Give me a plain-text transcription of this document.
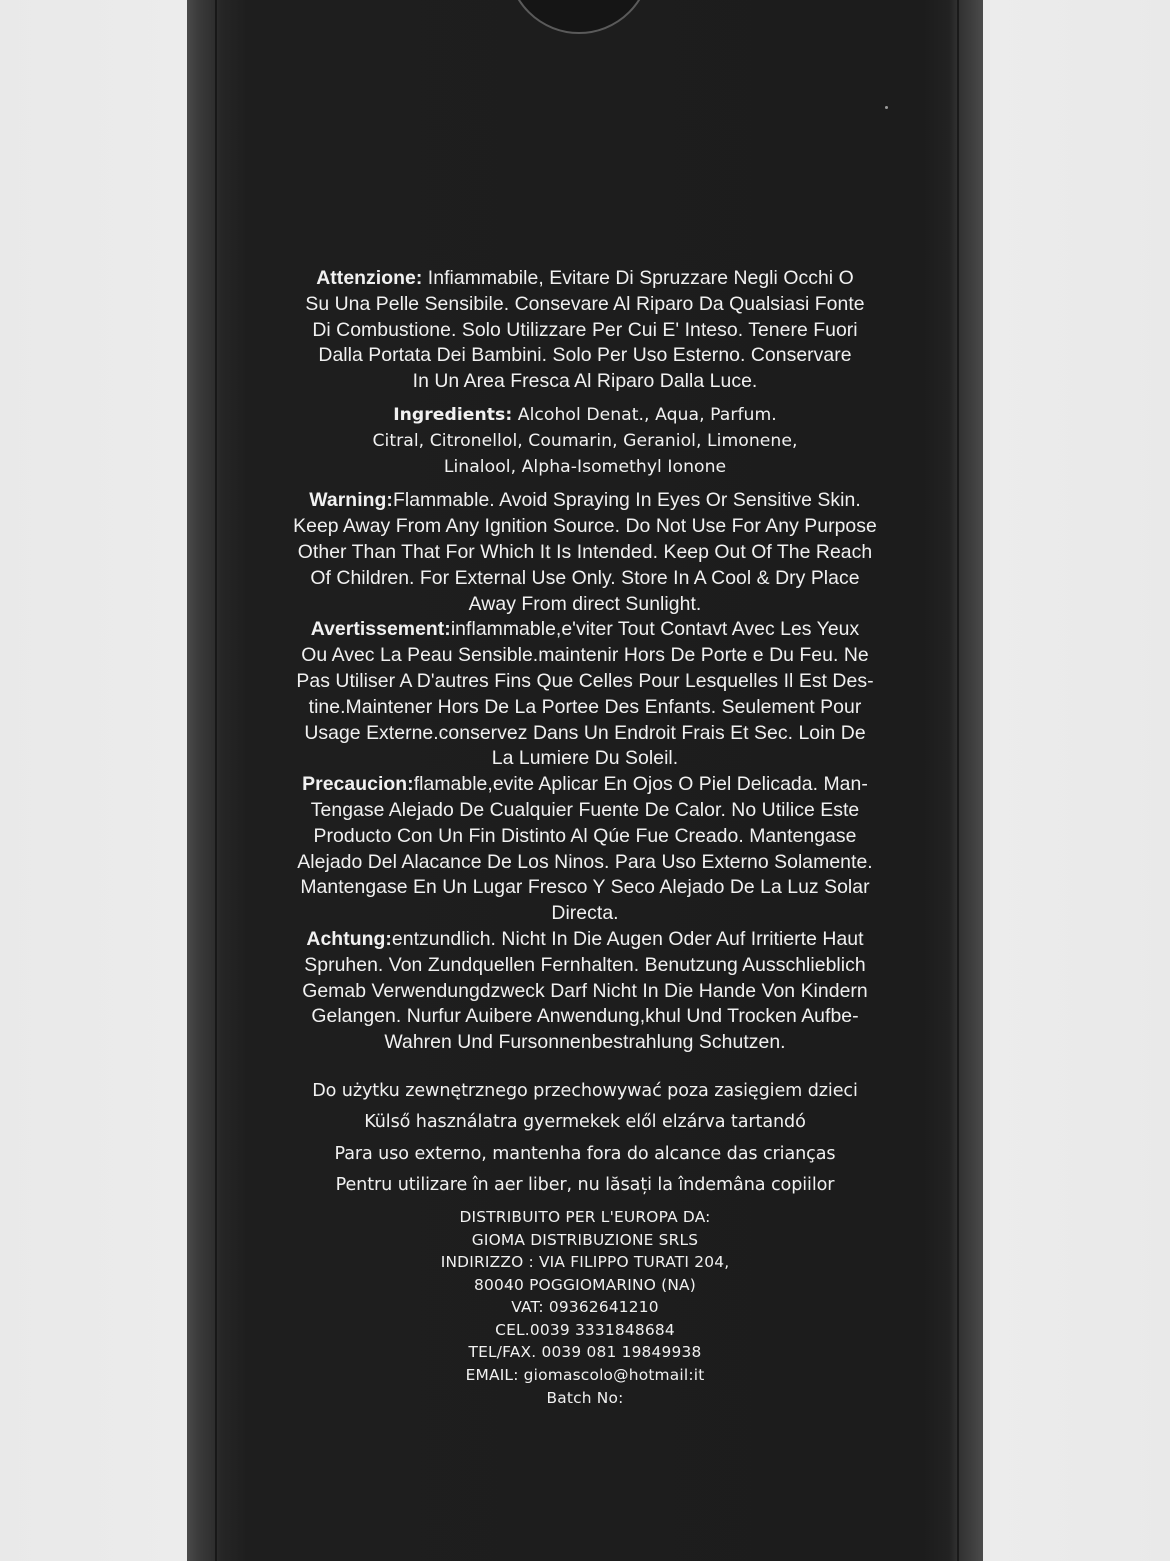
Attenzione: Infiammabile, Evitare Di Spruzzare Negli Occhi O
Su Una Pelle Sensibile. Consevare Al Riparo Da Qualsiasi Fonte
Di Combustione. Solo Utilizzare Per Cui E' Inteso. Tenere Fuori
Dalla Portata Dei Bambini. Solo Per Uso Esterno. Conservare
In Un Area Fresca Al Riparo Dalla Luce.

Ingredients: Alcohol Denat., Aqua, Parfum.
Citral, Citronellol, Coumarin, Geraniol, Limonene,
Linalool, Alpha-Isomethyl Ionone

Warning:Flammable. Avoid Spraying In Eyes Or Sensitive Skin.
Keep Away From Any Ignition Source. Do Not Use For Any Purpose
Other Than That For Which It Is Intended. Keep Out Of The Reach
Of Children. For External Use Only. Store In A Cool & Dry Place
Away From direct Sunlight.

Avertissement:inflammable,e'viter Tout Contavt Avec Les Yeux
Ou Avec La Peau Sensible.maintenir Hors De Porte e Du Feu. Ne
Pas Utiliser A D'autres Fins Que Celles Pour Lesquelles Il Est Des-
tine.Maintener Hors De La Portee Des Enfants. Seulement Pour
Usage Externe.conservez Dans Un Endroit Frais Et Sec. Loin De
La Lumiere Du Soleil.

Precaucion:flamable,evite Aplicar En Ojos O Piel Delicada. Man-
Tengase Alejado De Cualquier Fuente De Calor. No Utilice Este
Producto Con Un Fin Distinto Al Qúe Fue Creado. Mantengase
Alejado Del Alacance De Los Ninos. Para Uso Externo Solamente.
Mantengase En Un Lugar Fresco Y Seco Alejado De La Luz Solar
Directa.

Achtung:entzundlich. Nicht In Die Augen Oder Auf Irritierte Haut
Spruhen. Von Zundquellen Fernhalten. Benutzung Ausschlieblich
Gemab Verwendungdzweck Darf Nicht In Die Hande Von Kindern
Gelangen. Nurfur Auibere Anwendung,khul Und Trocken Aufbe-
Wahren Und Fursonnenbestrahlung Schutzen.

Do użytku zewnętrznego przechowywać poza zasięgiem dzieci
Külső használatra gyermekek elől elzárva tartandó
Para uso externo, mantenha fora do alcance das crianças
Pentru utilizare în aer liber, nu lăsați la îndemâna copiilor
DISTRIBUITO PER L'EUROPA DA:
GIOMA DISTRIBUZIONE SRLS
INDIRIZZO : VIA FILIPPO TURATI 204,
80040 POGGIOMARINO (NA)
VAT: 09362641210
CEL.0039 3331848684
TEL/FAX. 0039 081 19849938
EMAIL: giomascolo@hotmail:it
Batch No:
